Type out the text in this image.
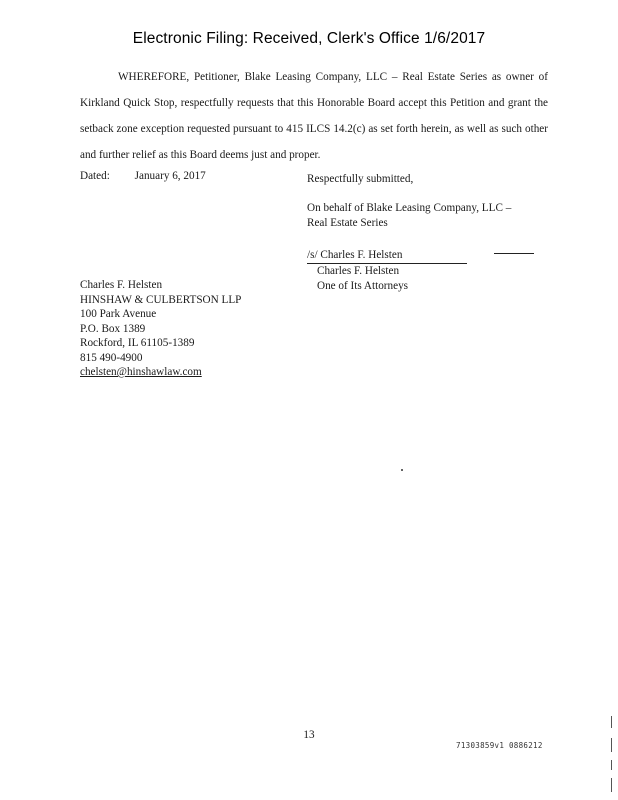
Electronic Filing: Received, Clerk's Office 1/6/2017
WHEREFORE, Petitioner, Blake Leasing Company, LLC – Real Estate Series as owner of Kirkland Quick Stop, respectfully requests that this Honorable Board accept this Petition and grant the setback zone exception requested pursuant to 415 ILCS 14.2(c) as set forth herein, as well as such other and further relief as this Board deems just and proper.
Dated: January 6, 2017	Respectfully submitted,
On behalf of Blake Leasing Company, LLC –
Real Estate Series
/s/ Charles F. Helsten
Charles F. Helsten
One of Its Attorneys
Charles F. Helsten
HINSHAW & CULBERTSON LLP
100 Park Avenue
P.O. Box 1389
Rockford, IL 61105-1389
815 490-4900
chelsten@hinshawlaw.com
13
71303859v1 0886212
